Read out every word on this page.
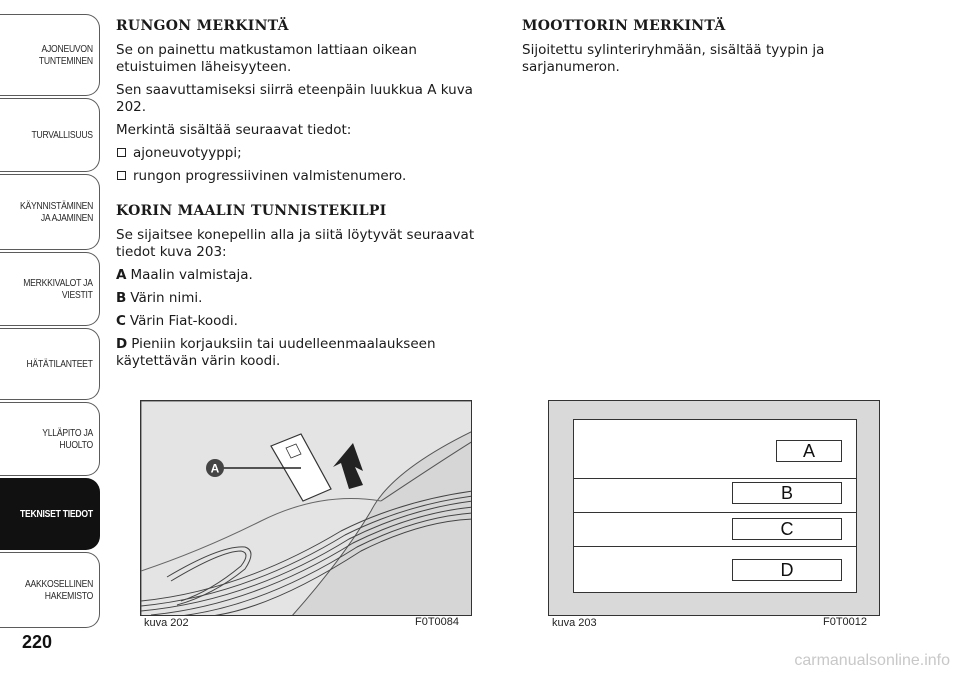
AJONEUVON
TUNTEMINEN
TURVALLISUUS
KÄYNNISTÄMINEN
JA AJAMINEN
MERKKIVALOT JA
VIESTIT
HÄTÄTILANTEET
YLLÄPITO JA HUOLTO
TEKNISET TIEDOT
AAKKOSELLINEN
HAKEMISTO
220
RUNGON MERKINTÄ

Se on painettu matkustamon lattiaan oikean etuistuimen läheisyyteen.

Sen saavuttamiseksi siirrä eteenpäin luukkua A kuva 202.

Merkintä sisältää seuraavat tiedot:

ajoneuvotyyppi;
rungon progressiivinen valmistenumero.
KORIN MAALIN TUNNISTEKILPI

Se sijaitsee konepellin alla ja siitä löytyvät seuraavat tiedot kuva 203:

A Maalin valmistaja.

B Värin nimi.

C Värin Fiat-koodi.

D Pieniin korjauksiin tai uudelleenmaalaukseen käytettävän värin koodi.

MOOTTORIN MERKINTÄ

Sijoitettu sylinteriryhmään, sisältää tyypin ja sarjanumeron.

A
kuva 202	F0T0084
A
B
C
D
kuva 203	F0T0012
carmanualsonline.info
